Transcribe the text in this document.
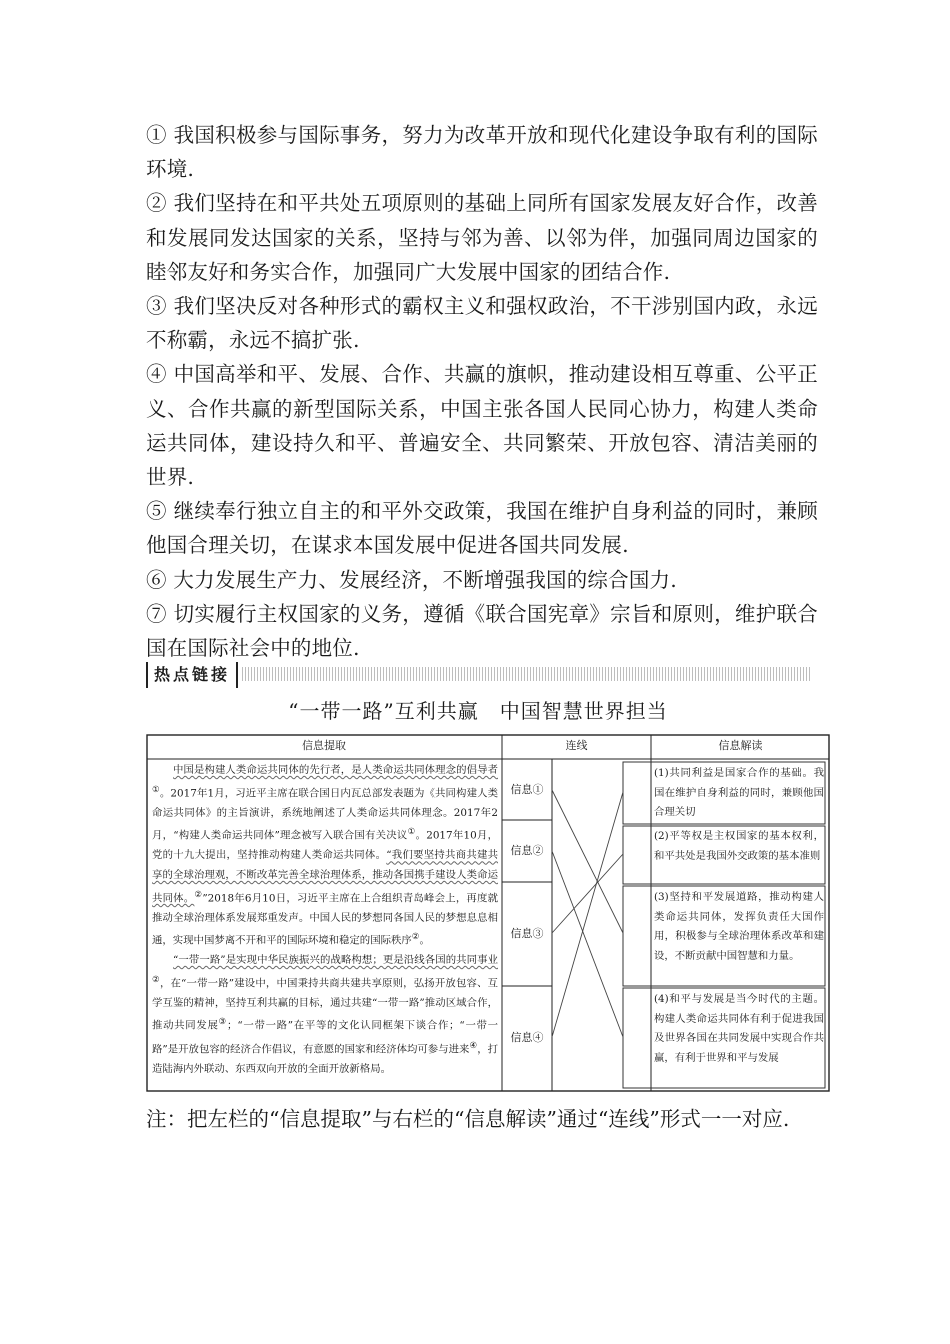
① 我国积极参与国际事务，努力为改革开放和现代化建设争取有利的国际环境.

② 我们坚持在和平共处五项原则的基础上同所有国家发展友好合作，改善和发展同发达国家的关系，坚持与邻为善、以邻为伴，加强同周边国家的睦邻友好和务实合作，加强同广大发展中国家的团结合作.

③ 我们坚决反对各种形式的霸权主义和强权政治，不干涉别国内政，永远不称霸，永远不搞扩张.

④ 中国高举和平、发展、合作、共赢的旗帜，推动建设相互尊重、公平正义、合作共赢的新型国际关系，中国主张各国人民同心协力，构建人类命运共同体，建设持久和平、普遍安全、共同繁荣、开放包容、清洁美丽的世界.

⑤ 继续奉行独立自主的和平外交政策，我国在维护自身利益的同时，兼顾他国合理关切，在谋求本国发展中促进各国共同发展.

⑥ 大力发展生产力、发展经济，不断增强我国的综合国力.

⑦ 切实履行主权国家的义务，遵循《联合国宪章》宗旨和原则，维护联合国在国际社会中的地位.

热点链接
“一带一路”互利共赢　中国智慧世界担当
信息提取	连线	信息解读
中国是构建人类命运共同体的先行者，是人类命运共同体理念的倡导者①。2017年1月，习近平主席在联合国日内瓦总部发表题为《共同构建人类命运共同体》的主旨演讲，系统地阐述了人类命运共同体理念。2017年2月，“构建人类命运共同体”理念被写入联合国有关决议①。2017年10月，党的十九大提出，坚持推动构建人类命运共同体。“我们要坚持共商共建共享的全球治理观，不断改革完善全球治理体系，推动各国携手建设人类命运共同体。②”2018年6月10日，习近平主席在上合组织青岛峰会上，再度就推动全球治理体系发展郑重发声。中国人民的梦想同各国人民的梦想息息相通，实现中国梦离不开和平的国际环境和稳定的国际秩序②。
“一带一路”是实现中华民族振兴的战略构想；更是沿线各国的共同事业②，在“一带一路”建设中，中国秉持共商共建共享原则，弘扬开放包容、互学互鉴的精神，坚持互利共赢的目标，通过共建“一带一路”推动区域合作，推动共同发展③；“一带一路”在平等的文化认同框架下谈合作；“一带一路”是开放包容的经济合作倡议，有意愿的国家和经济体均可参与进来④，打造陆海内外联动、东西双向开放的全面开放新格局。
信息①
信息②
信息③
信息④
(1)共同利益是国家合作的基础。我国在维护自身利益的同时，兼顾他国合理关切
(2)平等权是主权国家的基本权利，和平共处是我国外交政策的基本准则
(3)坚持和平发展道路，推动构建人类命运共同体，发挥负责任大国作用，积极参与全球治理体系改革和建设，不断贡献中国智慧和力量。
(4)和平与发展是当今时代的主题。构建人类命运共同体有利于促进我国及世界各国在共同发展中实现合作共赢，有利于世界和平与发展

注：把左栏的“信息提取”与右栏的“信息解读”通过“连线”形式一一对应.
